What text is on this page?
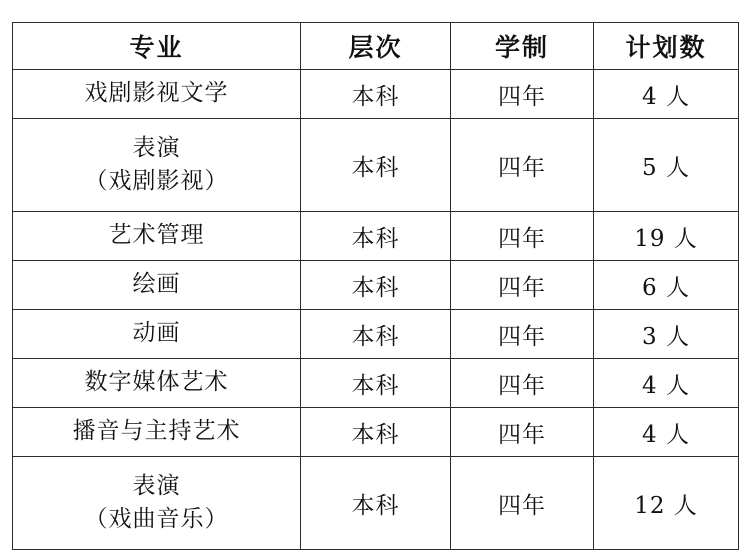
专业	层次	学制	计划数

戏剧影视文学	本科	四年	4 人

表演
（戏剧影视）	本科	四年	5 人

艺术管理	本科	四年	19 人

绘画	本科	四年	6 人

动画	本科	四年	3 人

数字媒体艺术	本科	四年	4 人

播音与主持艺术	本科	四年	4 人

表演
（戏曲音乐）	本科	四年	12 人
